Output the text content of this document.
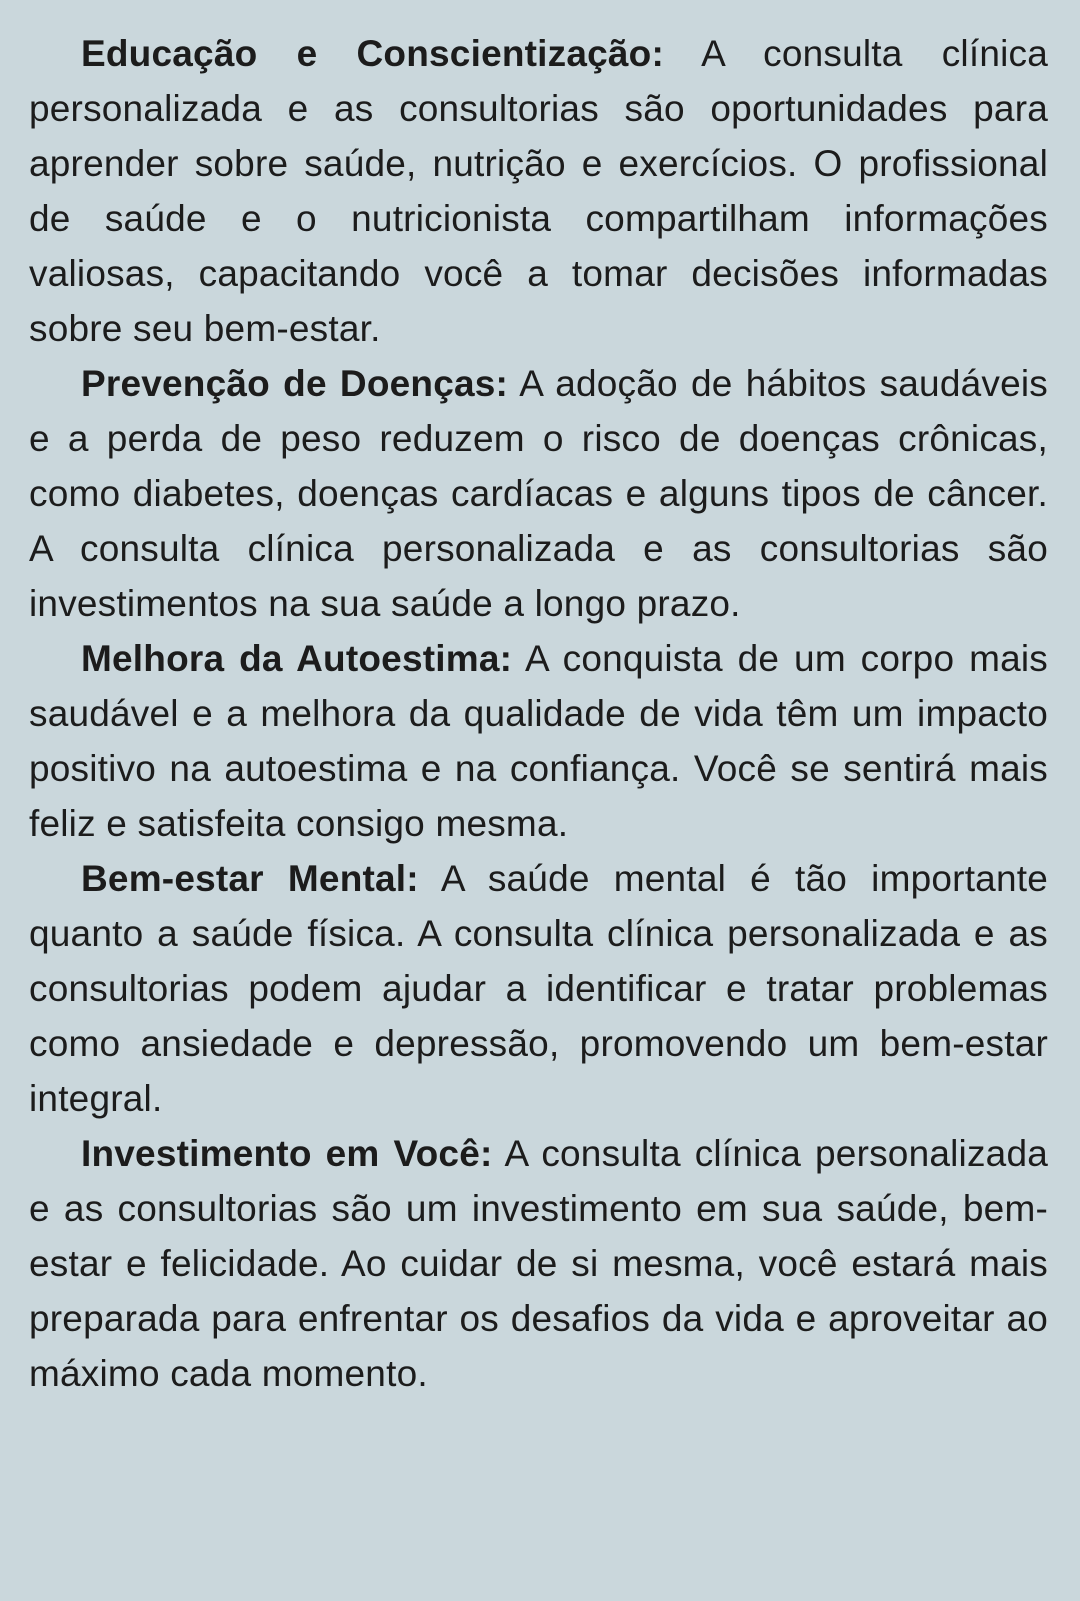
Educação e Conscientização: A consulta clínica personalizada e as consultorias são oportunidades para aprender sobre saúde, nutrição e exercícios. O profissional de saúde e o nutricionista compartilham informações valiosas, capacitando você a tomar decisões informadas sobre seu bem-estar.

Prevenção de Doenças: A adoção de hábitos saudáveis e a perda de peso reduzem o risco de doenças crônicas, como diabetes, doenças cardíacas e alguns tipos de câncer. A consulta clínica personalizada e as consultorias são investimentos na sua saúde a longo prazo.

Melhora da Autoestima: A conquista de um corpo mais saudável e a melhora da qualidade de vida têm um impacto positivo na autoestima e na confiança. Você se sentirá mais feliz e satisfeita consigo mesma.

Bem-estar Mental: A saúde mental é tão importante quanto a saúde física. A consulta clínica personalizada e as consultorias podem ajudar a identificar e tratar problemas como ansiedade e depressão, promovendo um bem-estar integral.

Investimento em Você: A consulta clínica personalizada e as consultorias são um investimento em sua saúde, bem-estar e felicidade. Ao cuidar de si mesma, você estará mais preparada para enfrentar os desafios da vida e aproveitar ao máximo cada momento.
